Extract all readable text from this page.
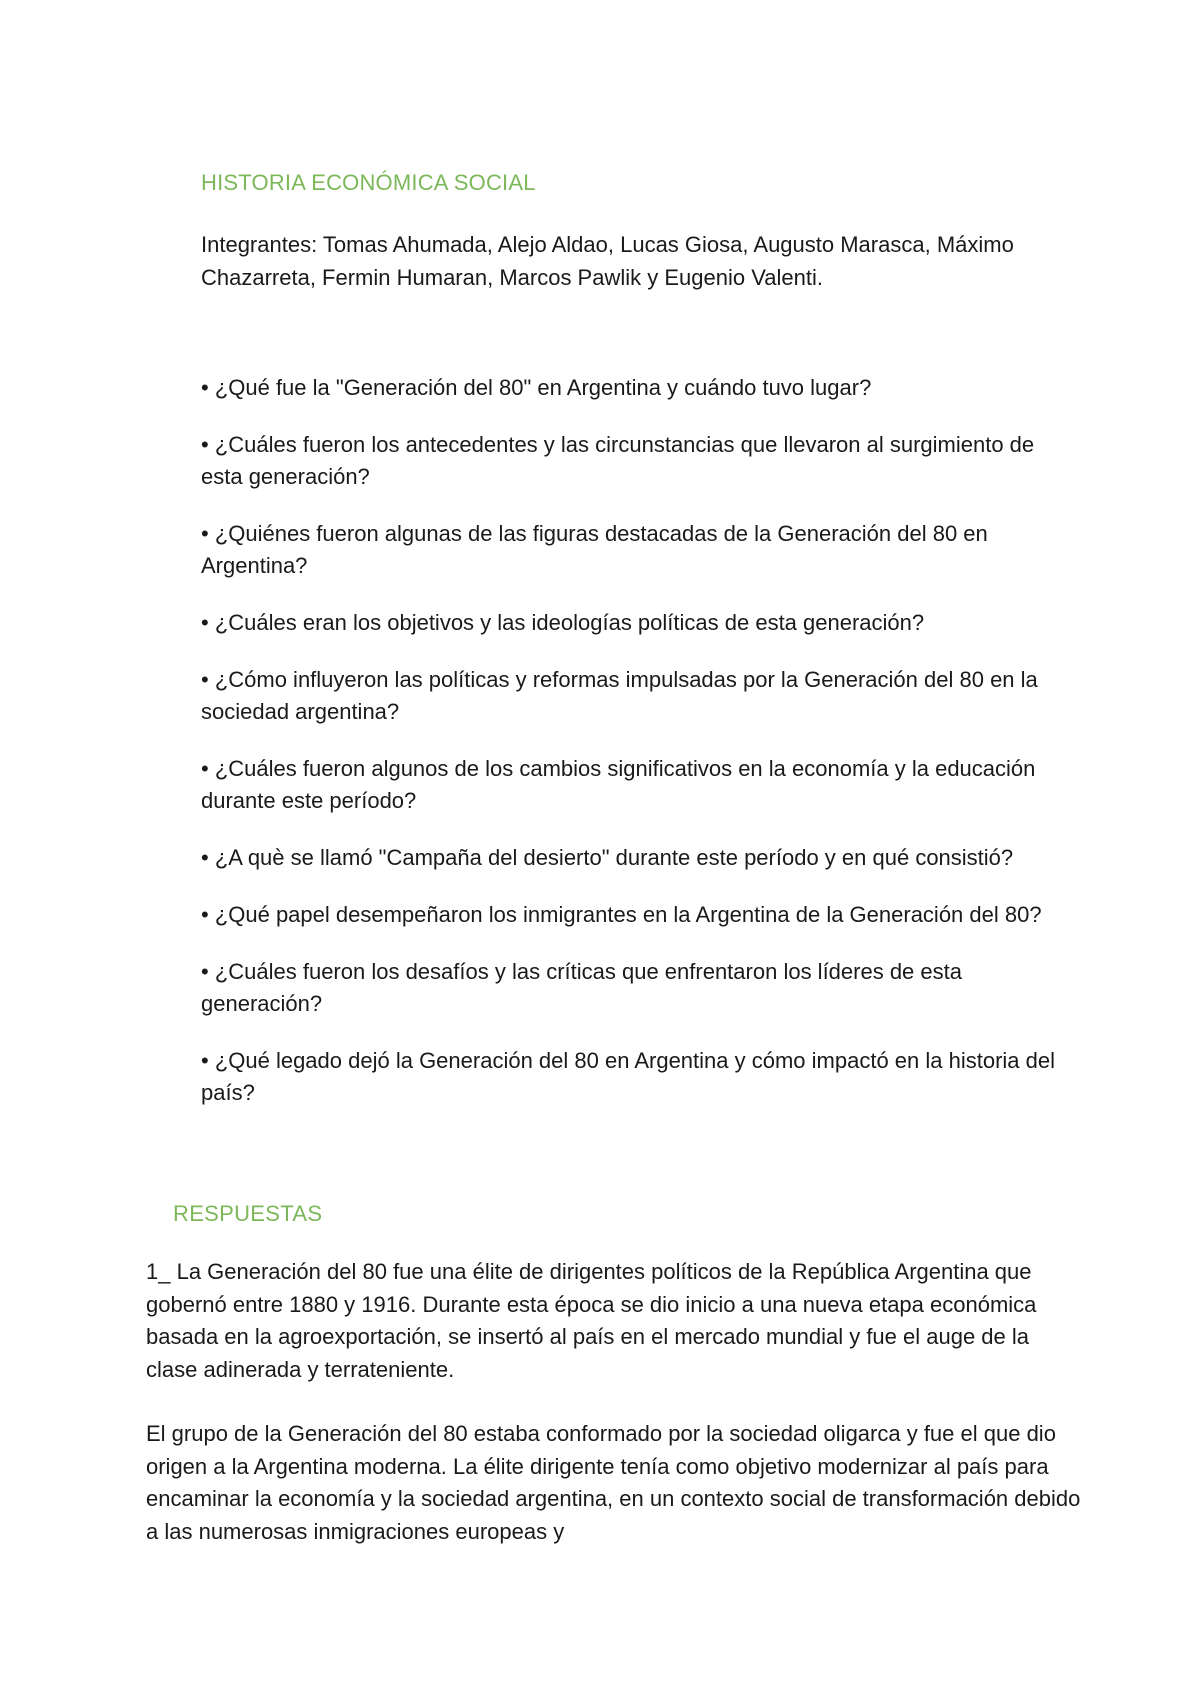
HISTORIA ECONÓMICA SOCIAL
Integrantes: Tomas Ahumada, Alejo Aldao, Lucas Giosa, Augusto Marasca, Máximo Chazarreta, Fermin Humaran, Marcos Pawlik y Eugenio Valenti.
• ¿Qué fue la "Generación del 80" en Argentina y cuándo tuvo lugar?
• ¿Cuáles fueron los antecedentes y las circunstancias que llevaron al surgimiento de esta generación?
• ¿Quiénes fueron algunas de las figuras destacadas de la Generación del 80 en Argentina?
• ¿Cuáles eran los objetivos y las ideologías políticas de esta generación?
• ¿Cómo influyeron las políticas y reformas impulsadas por la Generación del 80 en la sociedad argentina?
• ¿Cuáles fueron algunos de los cambios significativos en la economía y la educación durante este período?
• ¿A què se llamó "Campaña del desierto" durante este período y en qué consistió?
• ¿Qué papel desempeñaron los inmigrantes en la Argentina de la Generación del 80?
• ¿Cuáles fueron los desafíos y las críticas que enfrentaron los líderes de esta generación?
• ¿Qué legado dejó la Generación del 80 en Argentina y cómo impactó en la historia del país?
RESPUESTAS

1_ La Generación del 80 fue una élite de dirigentes políticos de la República Argentina que gobernó entre 1880 y 1916. Durante esta época se dio inicio a una nueva etapa económica basada en la agroexportación, se insertó al país en el mercado mundial y fue el auge de la clase adinerada y terrateniente.

El grupo de la Generación del 80 estaba conformado por la sociedad oligarca y fue el que dio origen a la Argentina moderna. La élite dirigente tenía como objetivo modernizar al país para encaminar la economía y la sociedad argentina, en un contexto social de transformación debido a las numerosas inmigraciones europeas y
